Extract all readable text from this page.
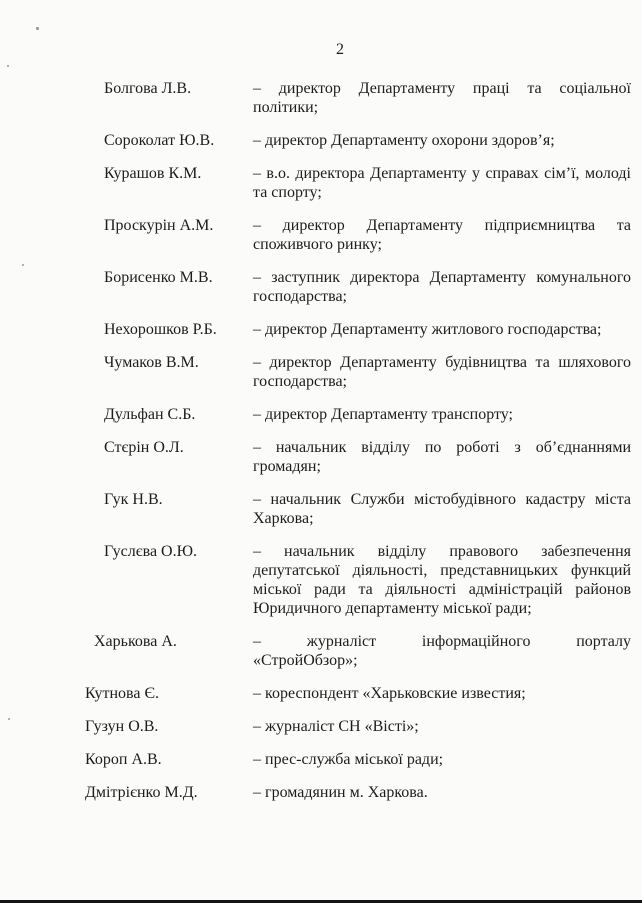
2
Болгова Л.В.	– директор Департаменту праці та соціальної політики;
Сороколат Ю.В.	– директор Департаменту охорони здоров’я;
Курашов К.М.	– в.о. директора Департаменту у справах сім’ї, молоді та спорту;
Проскурін А.М.	– директор Департаменту підприємництва та споживчого ринку;
Борисенко М.В.	– заступник директора Департаменту комунального господарства;
Нехорошков Р.Б.	– директор Департаменту житлового господарства;
Чумаков В.М.	– директор Департаменту будівництва та шляхового господарства;
Дульфан С.Б.	– директор Департаменту транспорту;
Стєрін О.Л.	– начальник відділу по роботі з об’єднаннями громадян;
Гук Н.В.	– начальник Служби містобудівного кадастру міста Харкова;
Гуслєва О.Ю.	– начальник відділу правового забезпечення депутатської діяльності, представницьких функций міської ради та діяльності адміністрацій районов Юридичного департаменту міської ради;
Харькова А.	– журналіст інформаційного порталу
«СтройОбзор»;
Кутнова Є.	– кореспондент «Харьковские известия;
Гузун О.В.	– журналіст СН «Вісті»;
Короп А.В.	– прес-служба міської ради;
Дмітрієнко М.Д.	– громадянин м. Харкова.
